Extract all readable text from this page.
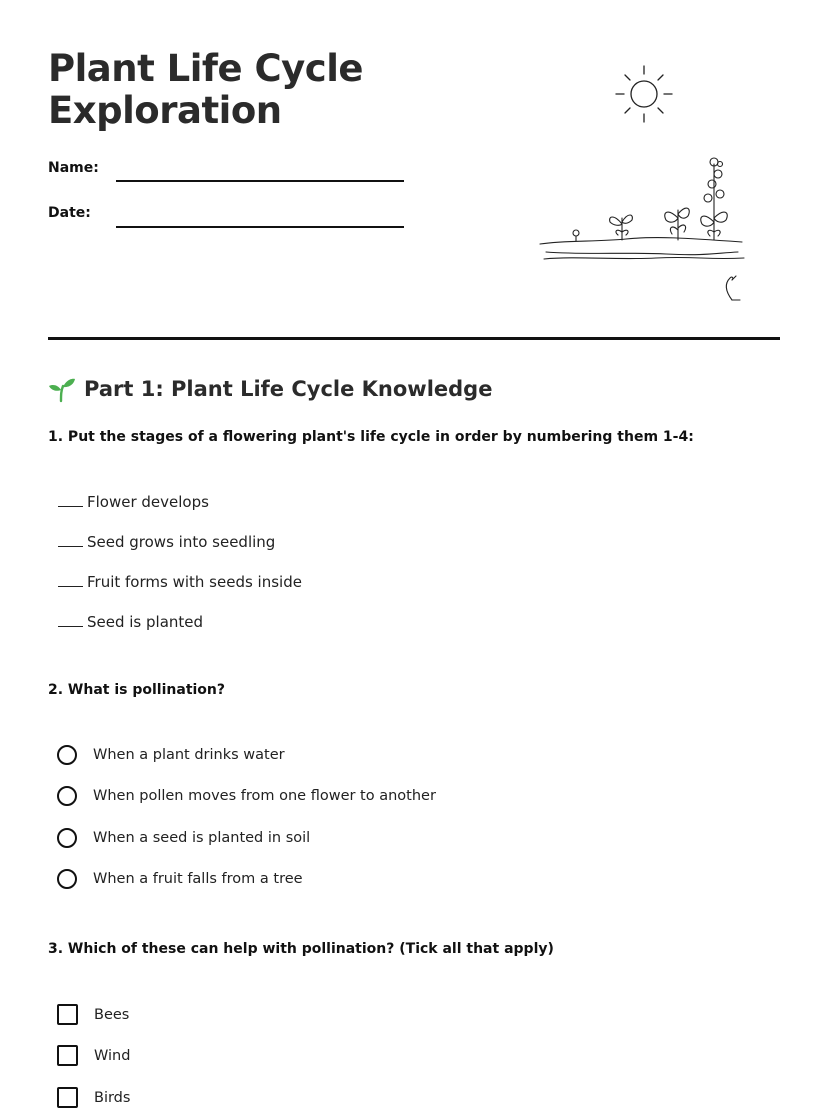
Plant Life Cycle
Exploration
Name:
Date:
Part 1: Plant Life Cycle Knowledge

1. Put the stages of a flowering plant's life cycle in order by numbering them 1-4:

Flower develops
Seed grows into seedling
Fruit forms with seeds inside
Seed is planted

2. What is pollination?

When a plant drinks water
When pollen moves from one flower to another
When a seed is planted in soil
When a fruit falls from a tree

3. Which of these can help with pollination? (Tick all that apply)

Bees
Wind
Birds
